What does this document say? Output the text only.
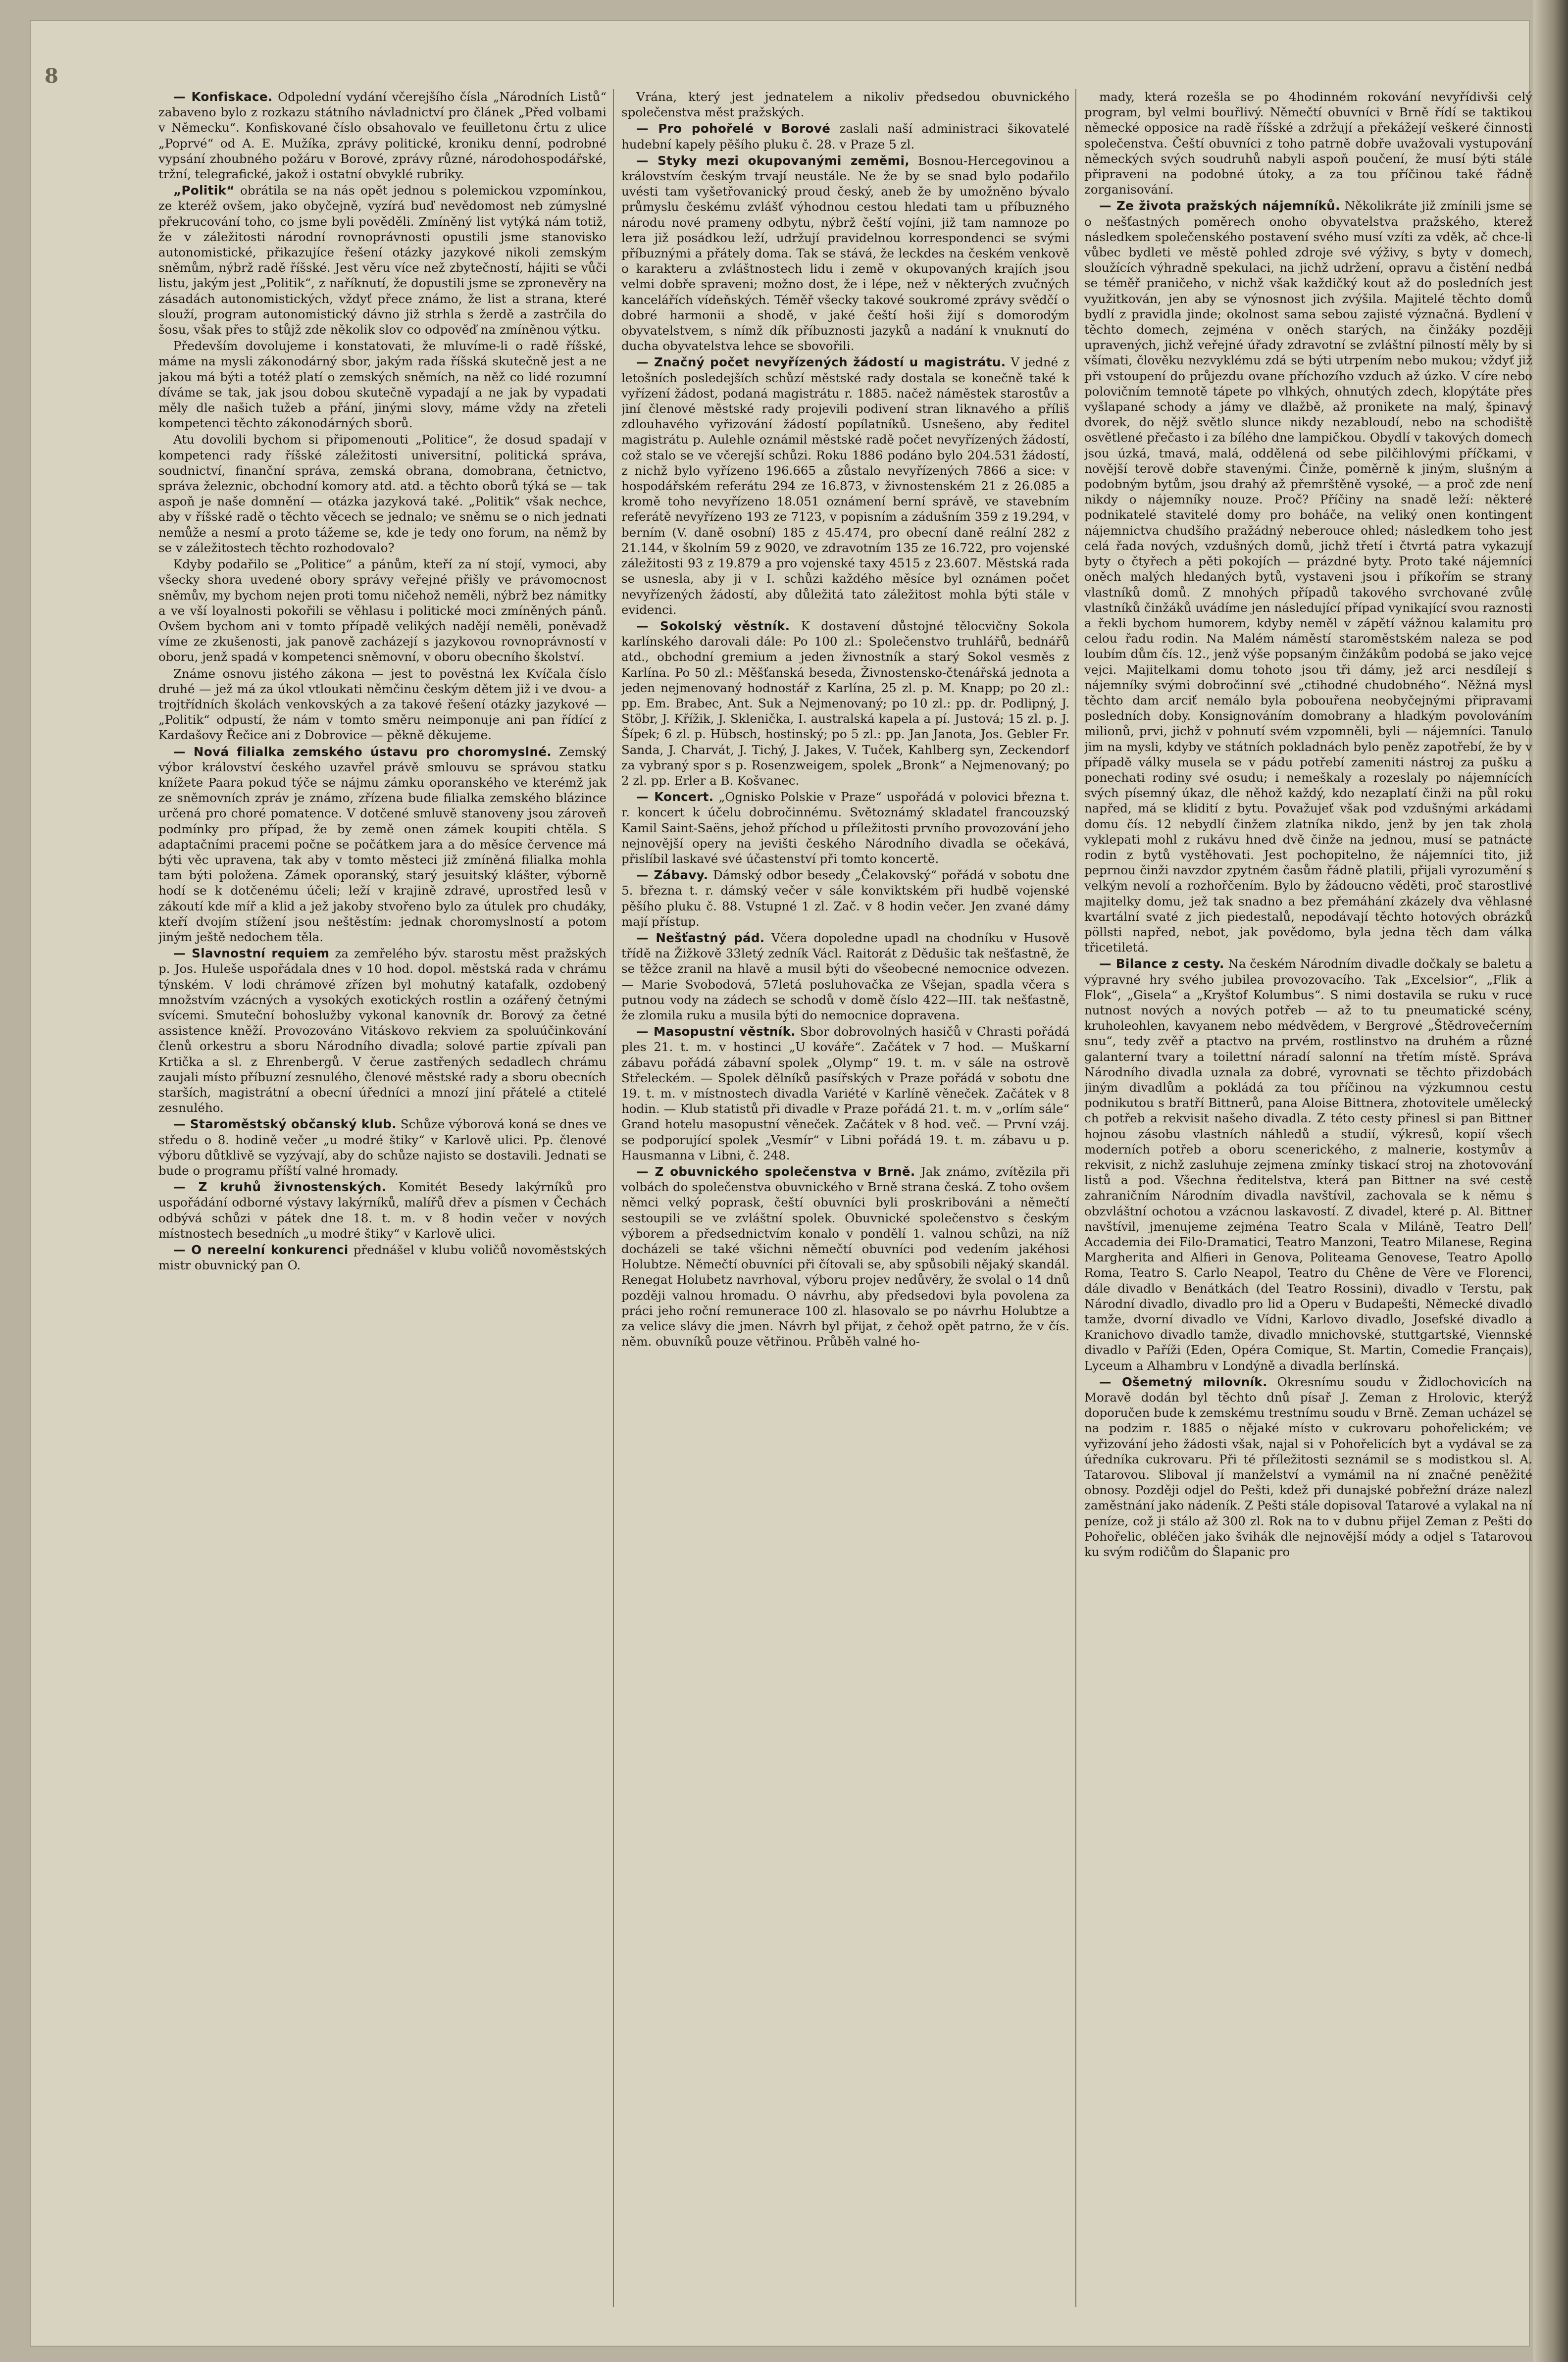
8

— Konfiskace. Odpolední vydání včerejšího čísla „Národních Listů“ zabaveno bylo z rozkazu státního návladnictví pro článek „Před volbami v Německu“. Konfiskované číslo obsahovalo ve feuilletonu črtu z ulice „Poprvé“ od A. E. Mužíka, zprávy politické, kroniku denní, podrobné vypsání zhoubného požáru v Borové, zprávy různé, národohospodářské, tržní, telegrafické, jakož i ostatní obvyklé rubriky.

„Politik“ obrátila se na nás opět jednou s polemickou vzpomínkou, ze kteréž ovšem, jako obyčejně, vyzírá buď nevědomost neb zúmyslné překrucování toho, co jsme byli pověděli. Zmíněný list vytýká nám totiž, že v záležitosti národní rovnoprávnosti opustili jsme stanovisko autonomistické, přikazujíce řešení otázky jazykové nikoli zemským sněmům, nýbrž radě říšské. Jest věru více než zbytečností, hájiti se vůči listu, jakým jest „Politik“, z naříknutí, že dopustili jsme se zpronevěry na zásadách autonomistických, vždyť přece známo, že list a strana, které slouží, program autonomistický dávno již strhla s žerdě a zastrčila do šosu, však přes to stůjž zde několik slov co odpověď na zmíněnou výtku.

Především dovolujeme i konstatovati, že mluvíme-li o radě říšské, máme na mysli zákonodárný sbor, jakým rada říšská skutečně jest a ne jakou má býti a totéž platí o zemských sněmích, na něž co lidé rozumní díváme se tak, jak jsou dobou skutečně vypadají a ne jak by vypadati měly dle našich tužeb a přání, jinými slovy, máme vždy na zřeteli kompetenci těchto zákonodárných sborů.

Atu dovolili bychom si připomenouti „Politice“, že dosud spadají v kompetenci rady říšské záležitosti universitní, politická správa, soudnictví, finanční správa, zemská obrana, domobrana, četnictvo, správa železnic, obchodní komory atd. atd. a těchto oborů týká se — tak aspoň je naše domnění — otázka jazyková také. „Politik“ však nechce, aby v říšské radě o těchto věcech se jednalo; ve sněmu se o nich jednati nemůže a nesmí a proto tážeme se, kde je tedy ono forum, na němž by se v záležitostech těchto rozhodovalo?

Kdyby podařilo se „Politice“ a pánům, kteří za ní stojí, vymoci, aby všecky shora uvedené obory správy veřejné přišly ve právomocnost sněmův, my bychom nejen proti tomu ničehož neměli, nýbrž bez námitky a ve vší loyalnosti pokořili se věhlasu i politické moci zmíněných pánů. Ovšem bychom ani v tomto případě velikých nadějí neměli, poněvadž víme ze zkušenosti, jak panově zacházejí s jazykovou rovnoprávností v oboru, jenž spadá v kompetenci sněmovní, v oboru obecního školství.

Známe osnovu jistého zákona — jest to pověstná lex Kvíčala číslo druhé — jež má za úkol vtloukati němčinu českým dětem již i ve dvou- a trojtřídních školách venkovských a za takové řešení otázky jazykové — „Politik“ odpustí, že nám v tomto směru neimponuje ani pan řídící z Kardašovy Řečice ani z Dobrovice — pěkně děkujeme.

— Nová filialka zemského ústavu pro choromyslné. Zemský výbor království českého uzavřel právě smlouvu se správou statku knížete Paara pokud týče se nájmu zámku oporanského ve kterémž jak ze sněmovních zpráv je známo, zřízena bude filialka zemského blázince určená pro choré pomatence. V dotčené smluvě stanoveny jsou zároveň podmínky pro případ, že by země onen zámek koupiti chtěla. S adaptačními pracemi počne se počátkem jara a do měsíce července má býti věc upravena, tak aby v tomto městeci již zmíněná filialka mohla tam býti položena. Zámek oporanský, starý jesuitský klášter, výborně hodí se k dotčenému účeli; leží v krajině zdravé, uprostřed lesů v zákoutí kde míř a klid a jež jakoby stvořeno bylo za útulek pro chudáky, kteří dvojím stížení jsou neštěstím: jednak choromyslností a potom jiným ještě nedochem těla.

— Slavnostní requiem za zemřelého býv. starostu měst pražských p. Jos. Huleše uspořádala dnes v 10 hod. dopol. městská rada v chrámu týnském. V lodi chrámové zřízen byl mohutný katafalk, ozdobený množstvím vzácných a vysokých exotických rostlin a ozářený četnými svícemi. Smuteční bohoslužby vykonal kanovník dr. Borový za četné assistence kněží. Provozováno Vitáskovo rekviem za spoluúčinkování členů orkestru a sboru Národního divadla; solové partie zpívali pan Krtička a sl. z Ehrenbergů. V čerue zastřených sedadlech chrámu zaujali místo příbuzní zesnulého, členové městské rady a sboru obecních starších, magistrátní a obecní úředníci a mnozí jiní přátelé a ctitelé zesnulého.

— Staroměstský občanský klub. Schůze výborová koná se dnes ve středu o 8. hodině večer „u modré štiky“ v Karlově ulici. Pp. členové výboru důtklivě se vyzývají, aby do schůze najisto se dostavili. Jednati se bude o programu příští valné hromady.

— Z kruhů živnostenských. Komitét Besedy lakýrníků pro uspořádání odborné výstavy lakýrníků, malířů dřev a písmen v Čechách odbývá schůzi v pátek dne 18. t. m. v 8 hodin večer v nových místnostech besedních „u modré štiky“ v Karlově ulici.

— O nereelní konkurenci přednášel v klubu voličů novoměstských mistr obuvnický pan O.

Vrána, který jest jednatelem a nikoliv předsedou obuvnického společenstva měst pražských.

— Pro pohořelé v Borové zaslali naší administraci šikovatelé hudební kapely pěšího pluku č. 28. v Praze 5 zl.

— Styky mezi okupovanými zeměmi, Bosnou-Hercegovinou a královstvím českým trvají neustále. Ne že by se snad bylo podařilo uvésti tam vyšetřovanický proud český, aneb že by umožněno bývalo průmyslu českému zvlášť výhodnou cestou hledati tam u příbuzného národu nové prameny odbytu, nýbrž čeští vojíni, již tam namnoze po lета již posádkou leží, udržují pravidelnou korrespondenci se svými příbuznými a přátely doma. Tak se stává, že leckdes na českém venkově o karakteru a zvláštnostech lidu i země v okupovaných krajích jsou velmi dobře spraveni; možno dost, že i lépe, než v některých zvučných kancelářích vídeňských. Téměř všecky takové soukromé zprávy svědčí o dobré harmonii a shodě, v jaké čeští hoši žijí s domorodým obyvatelstvem, s nímž dík příbuznosti jazyků a nadání k vnuknutí do ducha obyvatelstva lehce se sbovořili.

— Značný počet nevyřízených žádostí u magistrátu. V jedné z letošních posledejších schůzí městské rady dostala se konečně také k vyřízení žádost, podaná magistrátu r. 1885. načež náměstek starostův a jiní členové městské rady projevili podivení stran liknavého a příliš zdlouhavého vyřizování žádostí popílatníků. Usnešeno, aby ředitel magistrátu p. Aulehle oznámil městské radě počet nevyřízených žádostí, což stalo se ve včerejší schůzi. Roku 1886 podáno bylo 204.531 žádostí, z nichž bylo vyřízeno 196.665 a zůstalo nevyřízených 7866 a sice: v hospodářském referátu 294 ze 16.873, v živnostenském 21 z 26.085 a kromě toho nevyřízeno 18.051 oznámení berní správě, ve stavebním referátě nevyřízeno 193 ze 7123, v popisním a zádušním 359 z 19.294, v berním (V. daně osobní) 185 z 45.474, pro obecní daně reální 282 z 21.144, v školním 59 z 9020, ve zdravotním 135 ze 16.722, pro vojenské záležitosti 93 z 19.879 a pro vojenské taxy 4515 z 23.607. Městská rada se usnesla, aby ji v I. schůzi každého měsíce byl oznámen počet nevyřízených žádostí, aby důležitá tato záležitost mohla býti stále v evidenci.

— Sokolský věstník. K dostavení důstojné tělocvičny Sokola karlínského darovali dále: Po 100 zl.: Společenstvo truhlářů, bednářů atd., obchodní gremium a jeden živnostník a starý Sokol vesměs z Karlína. Po 50 zl.: Měšťanská beseda, Živnostensko-čtenářská jednota a jeden nejmenovaný hodnostář z Karlína, 25 zl. p. M. Knapp; po 20 zl.: pp. Em. Brabec, Ant. Suk a Nejmenovaný; po 10 zl.: pp. dr. Podlipný, J. Stöbr, J. Křížik, J. Sklenička, I. australská kapela a pí. Justová; 15 zl. p. J. Šípek; 6 zl. p. Hübsch, hostinský; po 5 zl.: pp. Jan Janota, Jos. Gebler Fr. Sanda, J. Charvát, J. Tichý, J. Jakes, V. Tuček, Kahlberg syn, Zeckendorf za vybraný spor s p. Rosenzweigem, spolek „Bronk“ a Nejmenovaný; po 2 zl. pp. Erler a B. Košvanec.

— Koncert. „Ognisko Polskie v Praze“ uspořádá v polovici března t. r. koncert k účelu dobročinnému. Světoznámý skladatel francouzský Kamil Saint-Saëns, jehož příchod u příležitosti prvního provozování jeho nejnovější opery na jevišti českého Národního divadla se očekává, přislíbil laskavé své účastenství při tomto koncertě.

— Zábavy. Dámský odbor besedy „Čelakovský“ pořádá v sobotu dne 5. března t. r. dámský večer v sále konviktském při hudbě vojenské pěšího pluku č. 88. Vstupné 1 zl. Zač. v 8 hodin večer. Jen zvané dámy mají přístup.

— Nešťastný pád. Včera dopoledne upadl na chodníku v Husově třídě na Žižkově 33letý zedník Václ. Raitorát z Dědušic tak nešťastně, že se těžce zranil na hlavě a musil býti do všeobecné nemocnice odvezen. — Marie Svobodová, 57letá posluhovačka ze Všejan, spadla včera s putnou vody na zádech se schodů v domě číslo 422—III. tak nešťastně, že zlomila ruku a musila býti do nemocnice dopravena.

— Masopustní věstník. Sbor dobrovolných hasičů v Chrasti pořádá ples 21. t. m. v hostinci „U kováře“. Začátek v 7 hod. — Muškarní zábavu pořádá zábavní spolek „Olymp“ 19. t. m. v sále na ostrově Střeleckém. — Spolek dělníků pasířských v Praze pořádá v sobotu dne 19. t. m. v místnostech divadla Variété v Karlíně věneček. Začátek v 8 hodin. — Klub statistů při divadle v Praze pořádá 21. t. m. v „orlím sále“ Grand hotelu masopustní věneček. Začátek v 8 hod. več. — První vzáj. se podporující spolek „Vesmír“ v Libni pořádá 19. t. m. zábavu u p. Hausmanna v Libni, č. 248.

— Z obuvnického společenstva v Brně. Jak známo, zvítězila při volbách do společenstva obuvnického v Brně strana česká. Z toho ovšem němci velký poprask, čeští obuvníci byli proskribováni a němečtí sestoupili se ve zvláštní spolek. Obuvnické společenstvo s českým výborem a předsednictvím konalo v pondělí 1. valnou schůzi, na níž docházeli se také všichni němečtí obuvníci pod vedením jakéhosi Holubtze. Němečtí obuvníci při čítovali se, aby spůsobili nějaký skandál. Renegat Holubetz navrhoval, výboru projev nedůvěry, že svolal o 14 dnů později valnou hromadu. O návrhu, aby předsedovi byla povolena za práci jeho roční remunerace 100 zl. hlasovalo se po návrhu Holubtze a za velice slávy die jmen. Návrh byl přijat, z čehož opět patrno, že v čís. něm. obuvníků pouze větřinou. Průběh valné ho-

mady, která rozešla se po 4hodinném rokování nevyřídivši celý program, byl velmi bouřlivý. Němečtí obuvníci v Brně řídí se taktikou německé opposice na radě říšské a zdržují a překážejí veškeré činnosti společenstva. Čeští obuvníci z toho patrně dobře uvažovali vystupování německých svých soudruhů nabyli aspoň poučení, že musí býti stále připraveni na podobné útoky, a za tou příčinou také řádně zorganisování.

— Ze života pražských nájemníků. Několikráte již zmínili jsme se o nešťastných poměrech onoho obyvatelstva pražského, kterež následkem společenského postavení svého musí vzíti za vděk, ač chce-li vůbec bydleti ve městě pohled zdroje své výživy, s byty v domech, sloužících výhradně spekulaci, na jichž udržení, opravu a čistění nedbá se téměř praničeho, v nichž však každičký kout až do posledních jest využitkován, jen aby se výnosnost jich zvýšila. Majitelé těchto domů bydlí z pravidla jinde; okolnost sama sebou zajisté význačná. Bydlení v těchto domech, zejména v oněch starých, na činžáky později upravených, jichž veřejné úřady zdravotní se zvláštní pilností měly by si všímati, člověku nezvyklému zdá se býti utrpením nebo mukou; vždyť již při vstoupení do průjezdu ovane příchozího vzduch až úzko. V círe nebo polovičním temnotě tápete po vlhkých, ohnutých zdech, klopýtáte přes vyšlapané schody a jámy ve dlažbě, až pronikete na malý, špinavý dvorek, do nějž světlo slunce nikdy nezabloudí, nebo na schodiště osvětlené přečasto i za bílého dne lampičkou. Obydlí v takových domech jsou úzká, tmavá, malá, oddělená od sebe pilčihlovými příčkami, v novější terově dobře stavenými. Činže, poměrně k jiným, slušným a podobným bytům, jsou drahý až přemrštěně vysoké, — a proč zde není nikdy o nájemníky nouze. Proč? Příčiny na snadě leží: některé podnikatelé stavitelé domy pro boháče, na veliký onen kontingent nájemnictva chudšího pražádný neberouce ohled; následkem toho jest celá řada nových, vzdušných domů, jichž třetí i čtvrtá patra vykazují byty o čtyřech a pěti pokojích — prázdné byty. Proto také nájemníci oněch malých hledaných bytů, vystaveni jsou i příkořím se strany vlastníků domů. Z mnohých případů takového svrchované zvůle vlastníků činžáků uvádíme jen následující případ vynikající svou raznosti a řekli bychom humorem, kdyby neměl v zápětí vážnou kalamitu pro celou řadu rodin. Na Malém náměstí staroměstském naleza se pod loubím dům čís. 12., jenž výše popsaným činžákům podobá se jako vejce vejci. Majitelkami domu tohoto jsou tři dámy, jež arci nesdílejí s nájemníky svými dobročinní své „ctihodné chudobného“. Něžná mysl těchto dam arciť nemálo byla pobouřena neobyčejnými připravami posledních doby. Konsignováním domobrany a hladkým povolováním milionů, prvi, jichž v pohnutí svém vzpomněli, byli — nájemníci. Tanulo jim na mysli, kdyby ve státních pokladnách bylo peněz zapotřebí, že by v případě války musela se v pádu potřebí zameniti nástroj za pušku a ponechati rodiny své osudu; i nemeškaly a rozeslaly po nájemnících svých písemný úkaz, dle něhož každý, kdo nezaplatí činži na půl roku napřed, má se klidití z bytu. Považujeť však pod vzdušnými arkádami domu čís. 12 nebydlí činžem zlatníka nikdo, jenž by jen tak zhola vyklepati mohl z rukávu hned dvě činže na jednou, musí se patnácte rodin z bytů vystěhovati. Jest pochopitelno, že nájemníci tito, již peprnou činži navzdor zpytném časům řádně platili, přijali vyrozumění s velkým nevolí a rozhořčením. Bylo by žádoucno věděti, proč starostlivé majitelky domu, jež tak snadno a bez přemáhání zkázely dva věhlasné kvartální svaté z jich piedestalů, nepodávají těchto hotových obrázků pöllsti napřed, nebot, jak povědomo, byla jedna těch dam válka třicetiletá.

— Bilance z cesty. Na českém Národním divadle dočkaly se baletu a výpravné hry svého jubilea provozovacího. Tak „Excelsior“, „Flik a Flok“, „Gisela“ a „Kryštof Kolumbus“. S nimi dostavila se ruku v ruce nutnost nových a nových potřeb — až to tu pneumatické scény, kruholeohlen, kavyanem nebo médvědem, v Bergrové „Štědrovečerním snu“, tedy zvěř a ptactvo na prvém, rostlinstvo na druhém a různé galanterní tvary a toilettní náradí salonní na třetím místě. Správa Národního divadla uznala za dobré, vyrovnati se těchto přizdobách jiným divadlům a pokládá za tou příčinou na výzkumnou cestu podnikutou s bratří Bittnerů, pana Aloise Bittnera, zhotovitele umělecký ch potřeb a rekvisit našeho divadla. Z této cesty přinesl si pan Bittner hojnou zásobu vlastních náhledů a studií, výkresů, kopií všech moderních potřeb a oboru scenerického, z malnerie, kostymův a rekvisit, z nichž zasluhuje zejmena zmínky tiskací stroj na zhotovování listů a pod. Všechna ředitelstva, která pan Bittner na své cestě zahraničním Národním divadla navštívil, zachovala se k němu s obzvláštní ochotou a vzácnou laskavostí. Z divadel, které p. Al. Bittner navštívil, jmenujeme zejména Teatro Scala v Miláně, Teatro Dell’ Accademia dei Filo-Dramatici, Teatro Manzoni, Teatro Milanese, Regina Margherita and Alfieri in Genova, Politeama Genovese, Teatro Apollo Roma, Teatro S. Carlo Neapol, Teatro du Chêne de Vère ve Florenci, dále divadlo v Benátkách (del Teatro Rossini), divadlo v Terstu, pak Národní divadlo, divadlo pro lid a Operu v Budapešti, Německé divadlo tamže, dvorní divadlo ve Vídni, Karlovo divadlo, Josefské divadlo a Kranichovo divadlo tamže, divadlo mnichovské, stuttgartské, Viennské divadlo v Paříži (Eden, Opéra Comique, St. Martin, Comedie Français), Lyceum a Alhambru v Londýně a divadla berlínská.

— Ošemetný milovník. Okresnímu soudu v Židlochovicích na Moravě dodán byl těchto dnů písař J. Zeman z Hrolovic, kterýž doporučen bude k zemskému trestnímu soudu v Brně. Zeman ucházel se na podzim r. 1885 o nějaké místo v cukrovaru pohořelickém; ve vyřizování jeho žádosti však, najal si v Pohořelicích byt a vydával se za úředníka cukrovaru. Při té příležitosti seznámil se s modistkou sl. A. Tatarovou. Sliboval jí manželství a vymámil na ní značné peněžité obnosy. Později odjel do Pešti, kdež při dunajské pobřežní dráze nalezl zaměstnání jako nádeník. Z Pešti stále dopisoval Tatarové a vylakal na ní peníze, což ji stálo až 300 zl. Rok na to v dubnu přijel Zeman z Pešti do Pohořelic, obléčen jako švihák dle nejnovější módy a odjel s Tatarovou ku svým rodičům do Šlapanic pro
